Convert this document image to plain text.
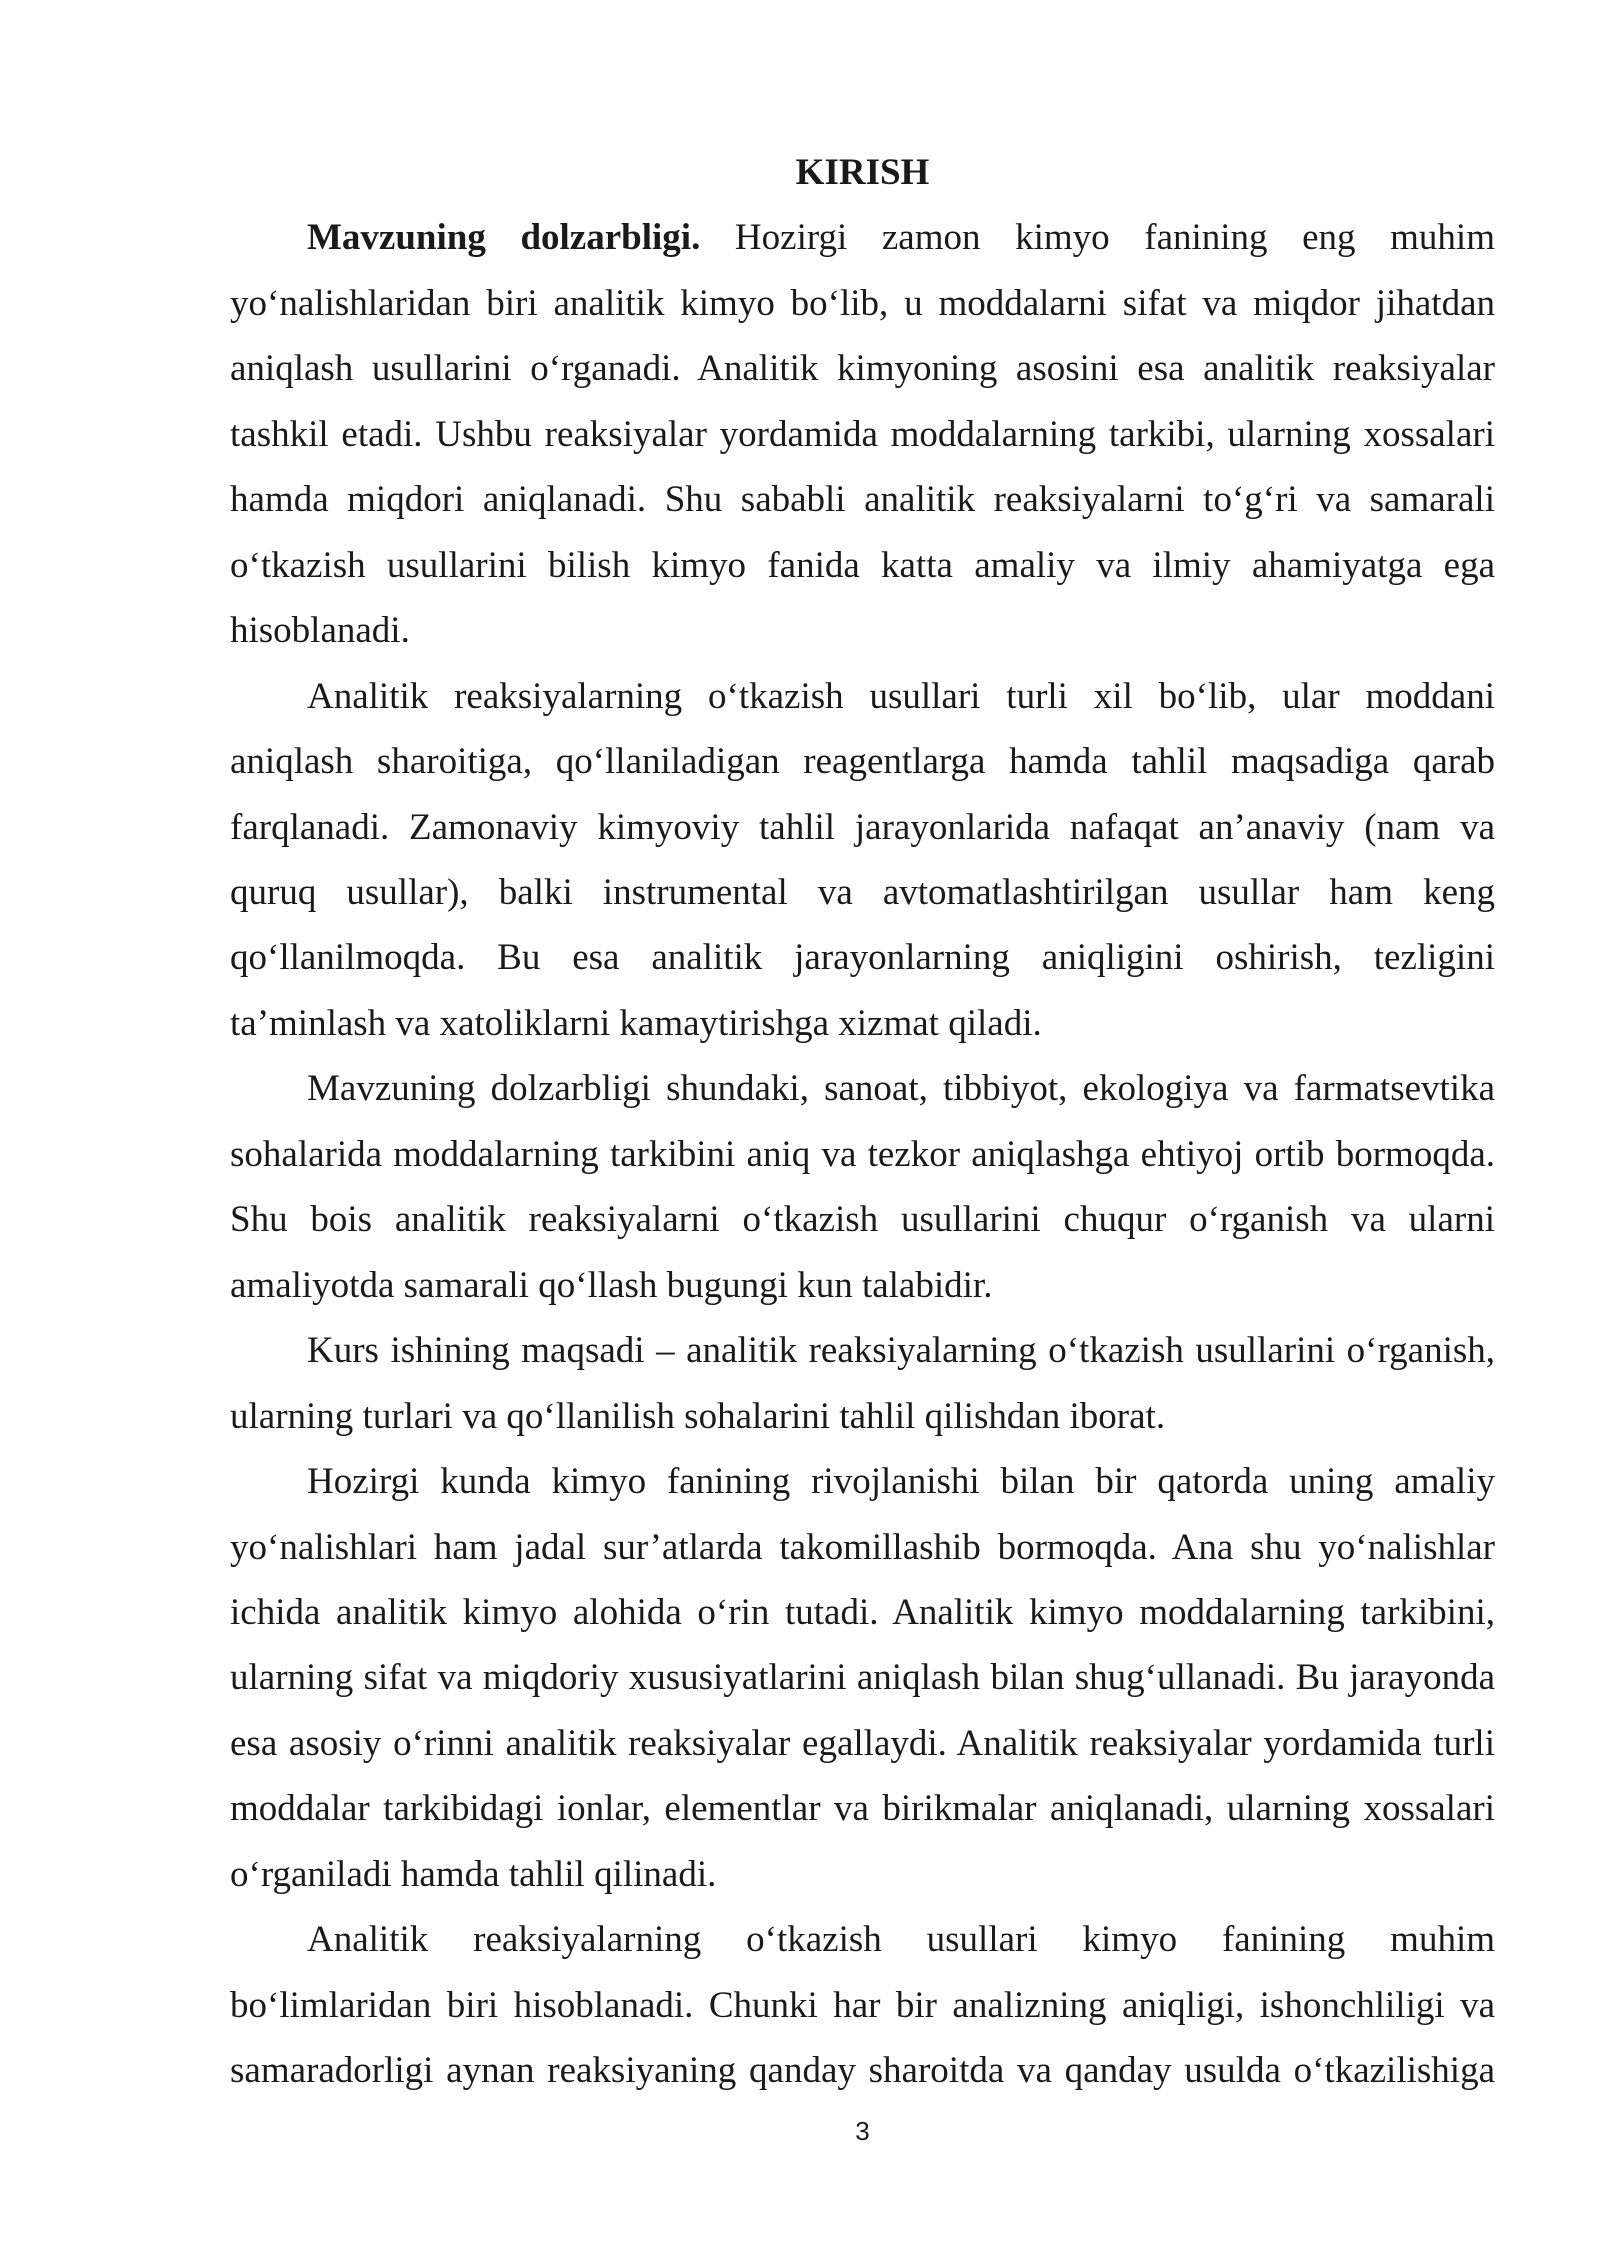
KIRISH
Mavzuning dolzarbligi. Hozirgi zamon kimyo fanining eng muhim
yo‘nalishlaridan biri analitik kimyo bo‘lib, u moddalarni sifat va miqdor jihatdan
aniqlash usullarini o‘rganadi. Analitik kimyoning asosini esa analitik reaksiyalar
tashkil etadi. Ushbu reaksiyalar yordamida moddalarning tarkibi, ularning xossalari
hamda miqdori aniqlanadi. Shu sababli analitik reaksiyalarni to‘g‘ri va samarali
o‘tkazish usullarini bilish kimyo fanida katta amaliy va ilmiy ahamiyatga ega
hisoblanadi.
Analitik reaksiyalarning o‘tkazish usullari turli xil bo‘lib, ular moddani
aniqlash sharoitiga, qo‘llaniladigan reagentlarga hamda tahlil maqsadiga qarab
farqlanadi. Zamonaviy kimyoviy tahlil jarayonlarida nafaqat an’anaviy (nam va
quruq usullar), balki instrumental va avtomatlashtirilgan usullar ham keng
qo‘llanilmoqda. Bu esa analitik jarayonlarning aniqligini oshirish, tezligini
ta’minlash va xatoliklarni kamaytirishga xizmat qiladi.
Mavzuning dolzarbligi shundaki, sanoat, tibbiyot, ekologiya va farmatsevtika
sohalarida moddalarning tarkibini aniq va tezkor aniqlashga ehtiyoj ortib bormoqda.
Shu bois analitik reaksiyalarni o‘tkazish usullarini chuqur o‘rganish va ularni
amaliyotda samarali qo‘llash bugungi kun talabidir.
Kurs ishining maqsadi – analitik reaksiyalarning o‘tkazish usullarini o‘rganish,
ularning turlari va qo‘llanilish sohalarini tahlil qilishdan iborat.
Hozirgi kunda kimyo fanining rivojlanishi bilan bir qatorda uning amaliy
yo‘nalishlari ham jadal sur’atlarda takomillashib bormoqda. Ana shu yo‘nalishlar
ichida analitik kimyo alohida o‘rin tutadi. Analitik kimyo moddalarning tarkibini,
ularning sifat va miqdoriy xususiyatlarini aniqlash bilan shug‘ullanadi. Bu jarayonda
esa asosiy o‘rinni analitik reaksiyalar egallaydi. Analitik reaksiyalar yordamida turli
moddalar tarkibidagi ionlar, elementlar va birikmalar aniqlanadi, ularning xossalari
o‘rganiladi hamda tahlil qilinadi.
Analitik reaksiyalarning o‘tkazish usullari kimyo fanining muhim
bo‘limlaridan biri hisoblanadi. Chunki har bir analizning aniqligi, ishonchliligi va
samaradorligi aynan reaksiyaning qanday sharoitda va qanday usulda o‘tkazilishiga
3
